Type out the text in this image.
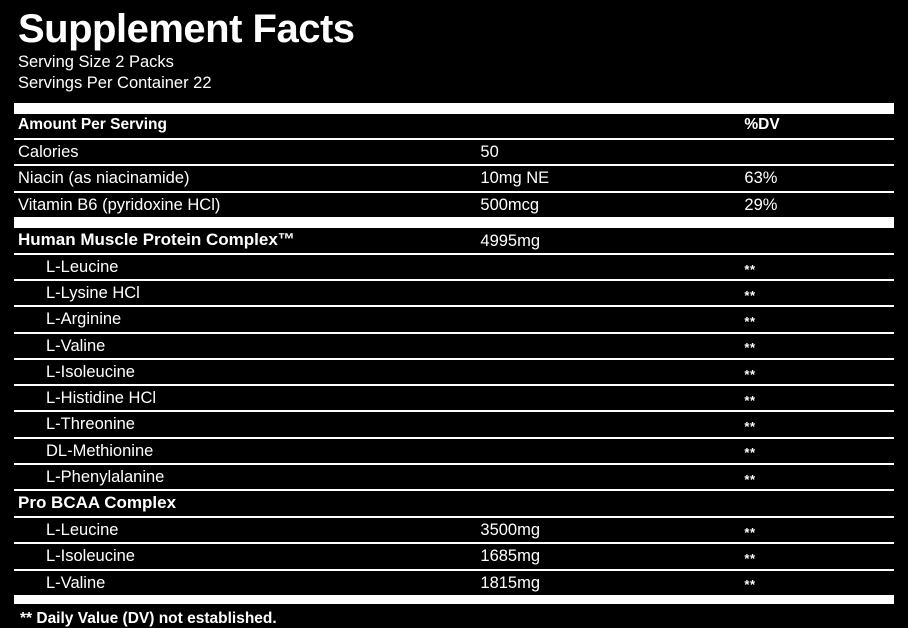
Supplement Facts
Serving Size 2 Packs
Servings Per Container 22
Amount Per Serving		%DV

Calories	50	

Niacin (as niacinamide)	10mg NE	63%

Vitamin B6 (pyridoxine HCl)	500mcg	29%
Human Muscle Protein Complex™	4995mg	

L-Leucine		**

L-Lysine HCl		**

L-Arginine		**

L-Valine		**

L-Isoleucine		**

L-Histidine HCl		**

L-Threonine		**

DL-Methionine		**

L-Phenylalanine		**

Pro BCAA Complex		

L-Leucine	3500mg	**

L-Isoleucine	1685mg	**

L-Valine	1815mg	**
** Daily Value (DV) not established.
